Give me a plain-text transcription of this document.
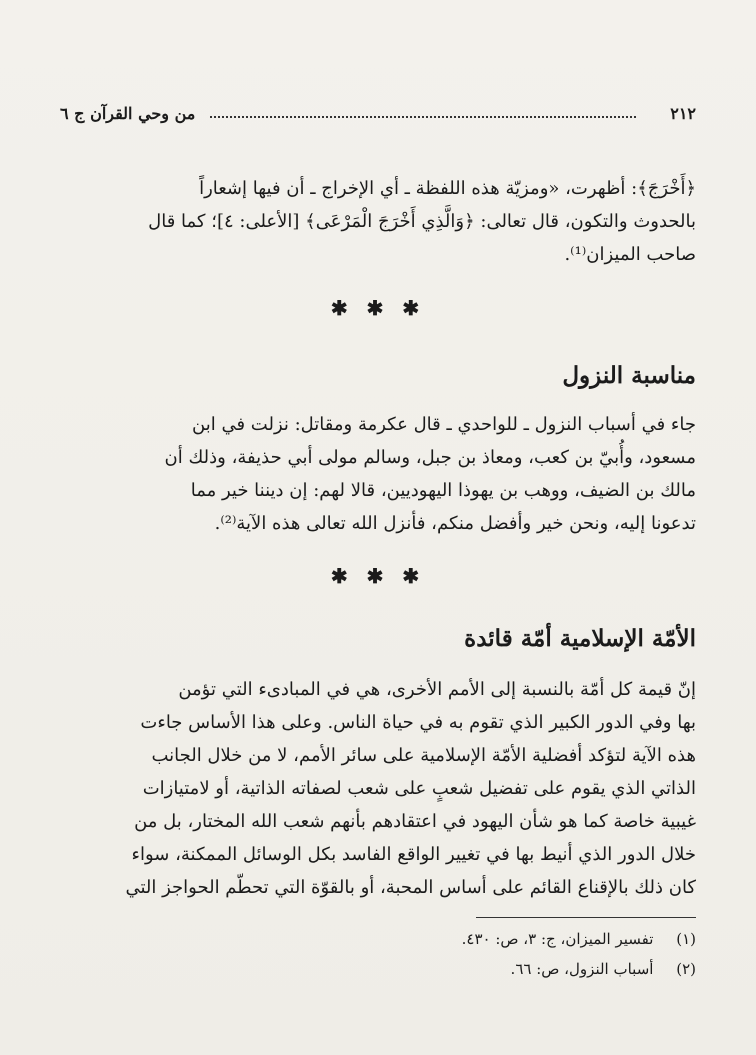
٢١٢
من وحي القرآن ج ٦
﴿أَخْرَجَ﴾: أظهرت، «ومزيّة هذه اللفظة ـ أي الإخراج ـ أن فيها إشعاراً
بالحدوث والتكون، قال تعالى: ﴿وَالَّذِي أَخْرَجَ الْمَرْعَى﴾ [الأعلى: ٤]؛ كما قال
صاحب الميزان⁽¹⁾.
✱ ✱ ✱
مناسبة النزول
جاء في أسباب النزول ـ للواحدي ـ قال عكرمة ومقاتل: نزلت في ابن
مسعود، وأُبيّ بن كعب، ومعاذ بن جبل، وسالم مولى أبي حذيفة، وذلك أن
مالك بن الضيف، ووهب بن يهوذا اليهوديين، قالا لهم: إن ديننا خير مما
تدعونا إليه، ونحن خير وأفضل منكم، فأنزل الله تعالى هذه الآية⁽²⁾.
✱ ✱ ✱
الأمّة الإسلامية أمّة قائدة
إنّ قيمة كل أمّة بالنسبة إلى الأمم الأخرى، هي في المبادىء التي تؤمن
بها وفي الدور الكبير الذي تقوم به في حياة الناس. وعلى هذا الأساس جاءت
هذه الآية لتؤكد أفضلية الأمّة الإسلامية على سائر الأمم، لا من خلال الجانب
الذاتي الذي يقوم على تفضيل شعبٍ على شعب لصفاته الذاتية، أو لامتيازات
غيبية خاصة كما هو شأن اليهود في اعتقادهم بأنهم شعب الله المختار، بل من
خلال الدور الذي أنيط بها في تغيير الواقع الفاسد بكل الوسائل الممكنة، سواء
كان ذلك بالإقناع القائم على أساس المحبة، أو بالقوّة التي تحطّم الحواجز التي
(١) تفسير الميزان، ج: ٣، ص: ٤٣٠.
(٢) أسباب النزول، ص: ٦٦.
